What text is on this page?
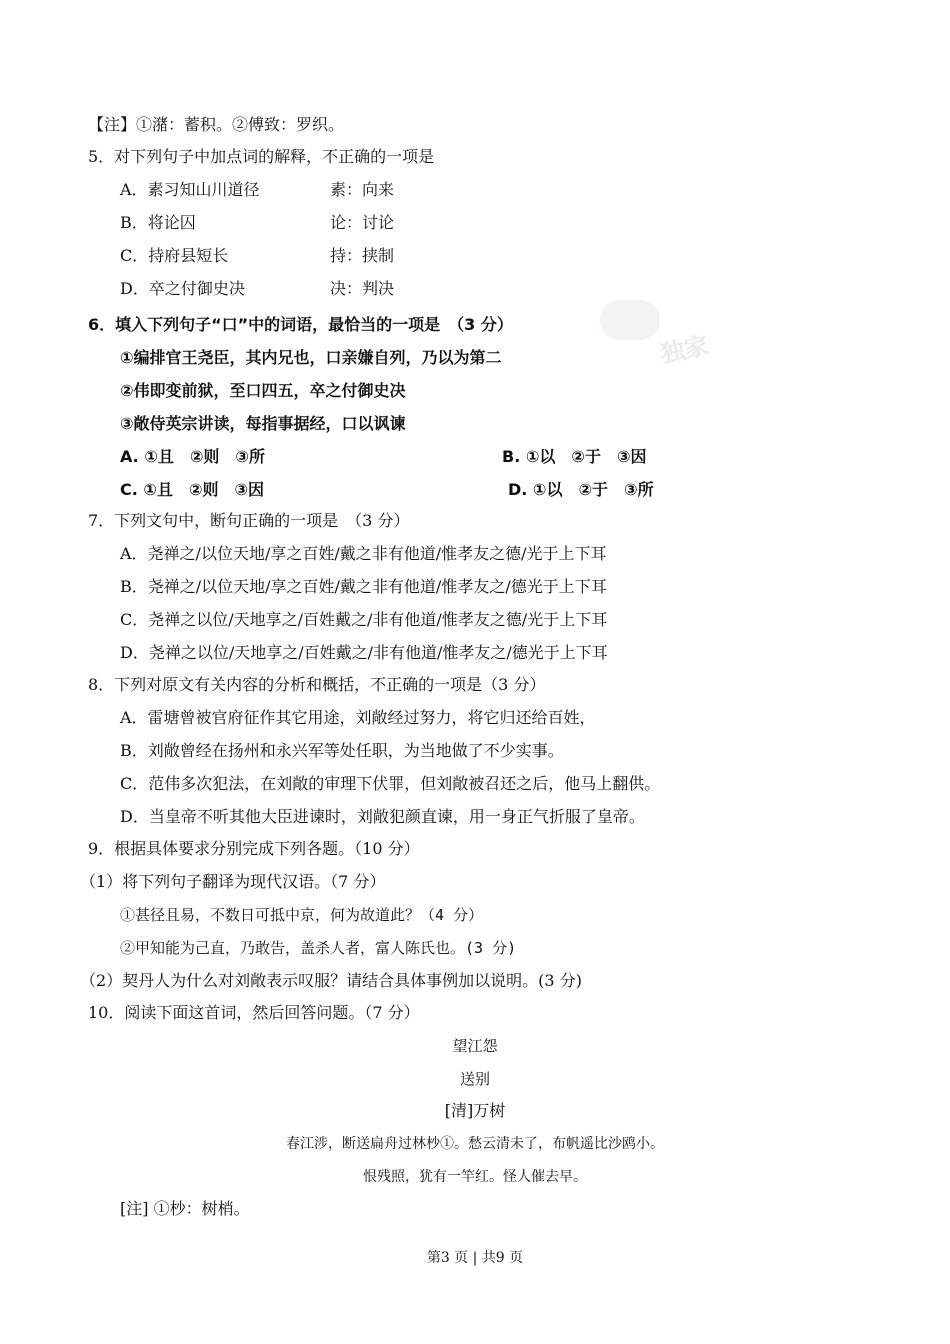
独家
【注】①潴：蓄积。②傅致：罗织。
5．对下列句子中加点词的解释，不正确的一项是
A．素习知山川道径	素：向来
B．将论囚	论：讨论
C．持府县短长	持：挟制
D．卒之付御史决	决：判决
6．填入下列句子“口”中的词语，最恰当的一项是　（3 分）
①编排官王尧臣，其内兄也，口亲嫌自列，乃以为第二
②伟即变前狱，至口四五，卒之付御史决
③敞侍英宗讲读，每指事据经，口以讽谏
A. ①且　②则　③所	B. ①以　②于　③因
C. ①且　②则　③因	D. ①以　②于　③所
7．下列文句中，断句正确的一项是　（3 分）
A．尧禅之/以位天地/享之百姓/戴之非有他道/惟孝友之德/光于上下耳
B．尧禅之/以位天地/享之百姓/戴之非有他道/惟孝友之/德光于上下耳
C．尧禅之以位/天地享之/百姓戴之/非有他道/惟孝友之德/光于上下耳
D．尧禅之以位/天地享之/百姓戴之/非有他道/惟孝友之/德光于上下耳
8．下列对原文有关内容的分析和概括，不正确的一项是（3 分）
A．雷塘曾被官府征作其它用途，刘敞经过努力，将它归还给百姓，
B．刘敞曾经在扬州和永兴军等处任职，为当地做了不少实事。
C．范伟多次犯法，在刘敞的审理下伏罪，但刘敞被召还之后，他马上翻供。
D．当皇帝不听其他大臣进谏时，刘敞犯颜直谏，用一身正气折服了皇帝。
9．根据具体要求分别完成下列各题。（10 分）
（1）将下列句子翻译为现代汉语。（7 分）
①甚径且易，不数日可抵中京，何为故道此？（4 分）
②甲知能为己直，乃敢告，盖杀人者，富人陈氏也。(3 分)
（2）契丹人为什么对刘敞表示叹服？请结合具体事例加以说明。(3 分)
10．阅读下面这首词，然后回答问题。（7 分）
望江怨
送别
[清]万树
春江涉，断送扁舟过林杪①。愁云清未了，布帆遥比沙鸥小。
恨残照，犹有一竿红。怪人催去早。
[注] ①杪：树梢。
第3 页 | 共9 页
